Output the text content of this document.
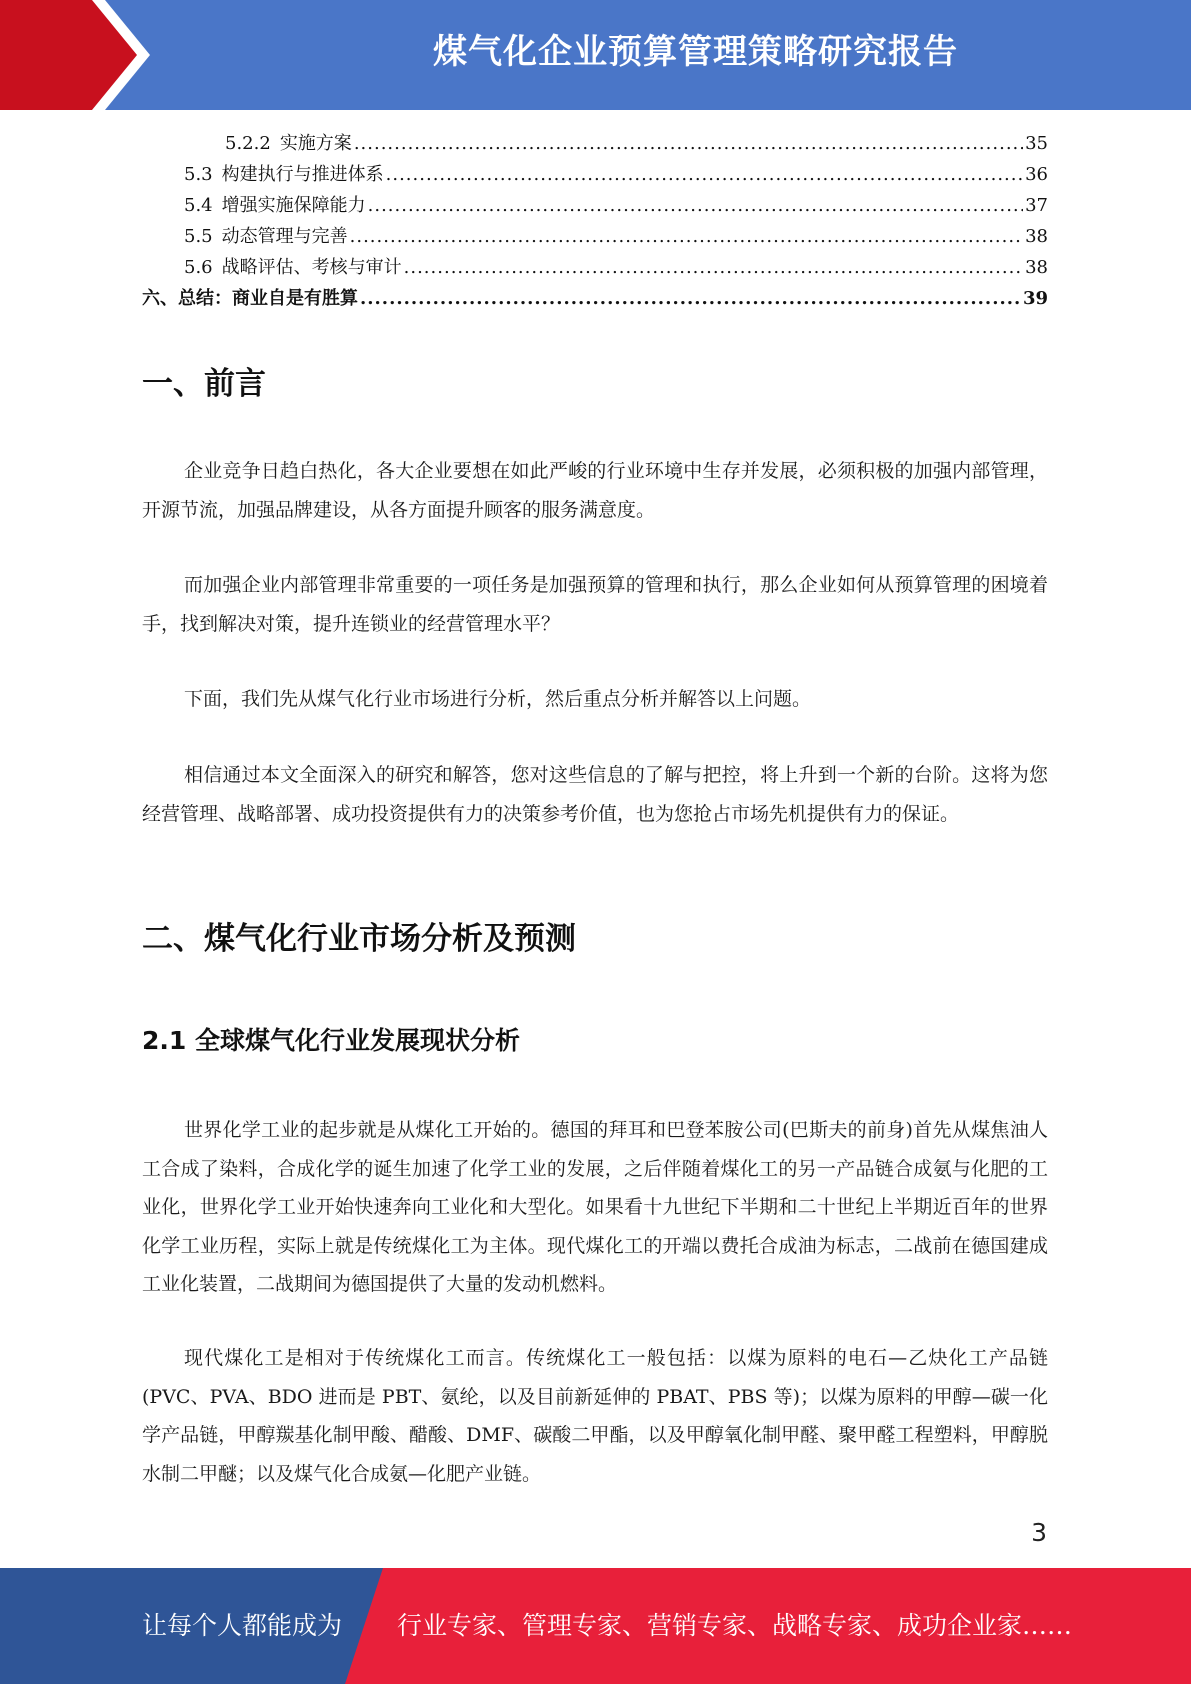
煤气化企业预算管理策略研究报告
5.2.2 实施方案 .....	35
5.3 构建执行与推进体系 .....	36
5.4 增强实施保障能力 .....	37
5.5 动态管理与完善 .....	38
5.6 战略评估、考核与审计 .....	38
六、总结：商业自是有胜算 .....	39
一、前言

企业竞争日趋白热化，各大企业要想在如此严峻的行业环境中生存并发展，必须积极的加强内部管理，开源节流，加强品牌建设，从各方面提升顾客的服务满意度。

而加强企业内部管理非常重要的一项任务是加强预算的管理和执行，那么企业如何从预算管理的困境着手，找到解决对策，提升连锁业的经营管理水平？

下面，我们先从煤气化行业市场进行分析，然后重点分析并解答以上问题。

相信通过本文全面深入的研究和解答，您对这些信息的了解与把控，将上升到一个新的台阶。这将为您经营管理、战略部署、成功投资提供有力的决策参考价值，也为您抢占市场先机提供有力的保证。

二、煤气化行业市场分析及预测
2.1 全球煤气化行业发展现状分析

世界化学工业的起步就是从煤化工开始的。德国的拜耳和巴登苯胺公司(巴斯夫的前身)首先从煤焦油人工合成了染料，合成化学的诞生加速了化学工业的发展，之后伴随着煤化工的另一产品链合成氨与化肥的工业化，世界化学工业开始快速奔向工业化和大型化。如果看十九世纪下半期和二十世纪上半期近百年的世界化学工业历程，实际上就是传统煤化工为主体。现代煤化工的开端以费托合成油为标志，二战前在德国建成工业化装置，二战期间为德国提供了大量的发动机燃料。

现代煤化工是相对于传统煤化工而言。传统煤化工一般包括：以煤为原料的电石—乙炔化工产品链(PVC、PVA、BDO 进而是 PBT、氨纶，以及目前新延伸的 PBAT、PBS 等)；以煤为原料的甲醇—碳一化学产品链，甲醇羰基化制甲酸、醋酸、DMF、碳酸二甲酯，以及甲醇氧化制甲醛、聚甲醛工程塑料，甲醇脱水制二甲醚；以及煤气化合成氨—化肥产业链。

3
让每个人都能成为 行业专家、管理专家、营销专家、战略专家、成功企业家……
